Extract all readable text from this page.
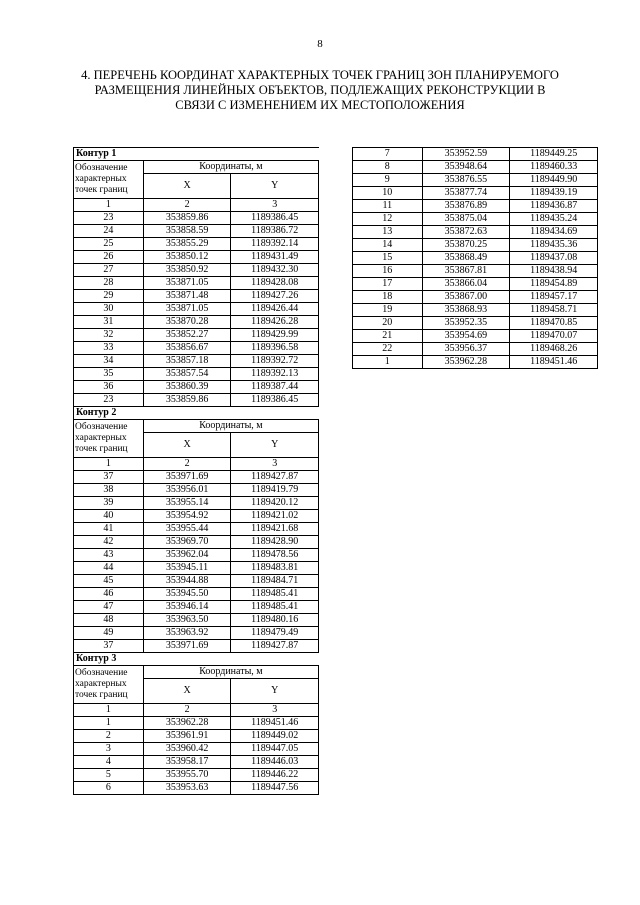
8
4. ПЕРЕЧЕНЬ КООРДИНАТ ХАРАКТЕРНЫХ ТОЧЕК ГРАНИЦ ЗОН ПЛАНИРУЕМОГО РАЗМЕЩЕНИЯ ЛИНЕЙНЫХ ОБЪЕКТОВ, ПОДЛЕЖАЩИХ РЕКОНСТРУКЦИИ В СВЯЗИ С ИЗМЕНЕНИЕМ ИХ МЕСТОПОЛОЖЕНИЯ
Контур 1		

Обозначение
характерных
точек границ	Координаты, м	
	X	Y

1	2	3
23	353859.86	1189386.45
24	353858.59	1189386.72
25	353855.29	1189392.14
26	353850.12	1189431.49
27	353850.92	1189432.30
28	353871.05	1189428.08
29	353871.48	1189427.26
30	353871.05	1189426.44
31	353870.28	1189426.28
32	353852.27	1189429.99
33	353856.67	1189396.58
34	353857.18	1189392.72
35	353857.54	1189392.13
36	353860.39	1189387.44
23	353859.86	1189386.45
Контур 2		

Обозначение
характерных
точек границ	Координаты, м	
	X	Y

1	2	3
37	353971.69	1189427.87
38	353956.01	1189419.79
39	353955.14	1189420.12
40	353954.92	1189421.02
41	353955.44	1189421.68
42	353969.70	1189428.90
43	353962.04	1189478.56
44	353945.11	1189483.81
45	353944.88	1189484.71
46	353945.50	1189485.41
47	353946.14	1189485.41
48	353963.50	1189480.16
49	353963.92	1189479.49
37	353971.69	1189427.87
Контур 3		

Обозначение
характерных
точек границ	Координаты, м	
	X	Y

1	2	3
1	353962.28	1189451.46
2	353961.91	1189449.02
3	353960.42	1189447.05
4	353958.17	1189446.03
5	353955.70	1189446.22
6	353953.63	1189447.56
7	353952.59	1189449.25
8	353948.64	1189460.33
9	353876.55	1189449.90
10	353877.74	1189439.19
11	353876.89	1189436.87
12	353875.04	1189435.24
13	353872.63	1189434.69
14	353870.25	1189435.36
15	353868.49	1189437.08
16	353867.81	1189438.94
17	353866.04	1189454.89
18	353867.00	1189457.17
19	353868.93	1189458.71
20	353952.35	1189470.85
21	353954.69	1189470.07
22	353956.37	1189468.26
1	353962.28	1189451.46
